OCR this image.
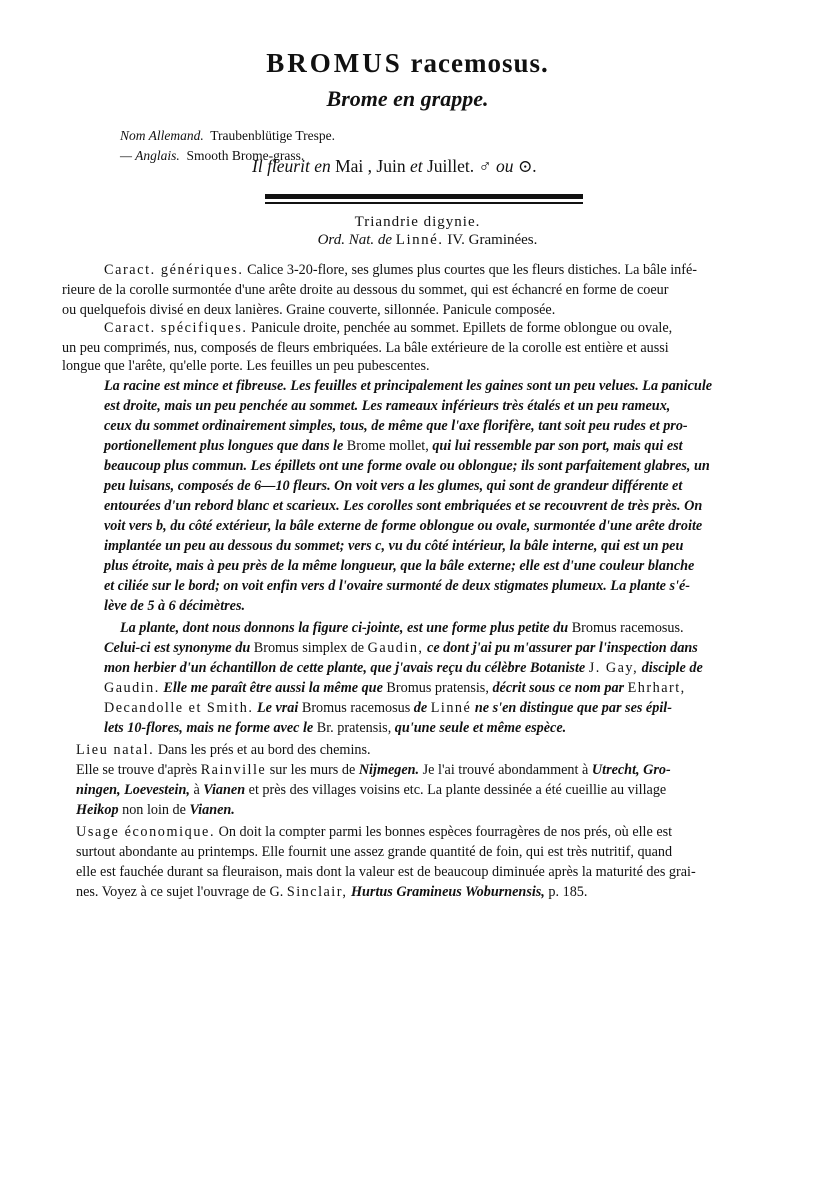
BROMUS racemosus.
Brome en grappe.
Nom Allemand. Traubenblütige Trespe.
— Anglais. Smooth Brome-grass.
Il fleurit en Mai , Juin et Juillet. ♂ ou ⊙.
Triandrie digynie.
Ord. Nat. de Linné. IV. Graminées.
Caract. génériques. Calice 3-20-flore, ses glumes plus courtes que les fleurs distiches. La bâle infé-
rieure de la corolle surmontée d'une arête droite au dessous du sommet, qui est échancré en forme de coeur
ou quelquefois divisé en deux lanières. Graine couverte, sillonnée. Panicule composée.
Caract. spécifiques. Panicule droite, penchée au sommet. Epillets de forme oblongue ou ovale,
un peu comprimés, nus, composés de fleurs embriquées. La bâle extérieure de la corolle est entière et aussi
longue que l'arête, qu'elle porte. Les feuilles un peu pubescentes.
La racine est mince et fibreuse. Les feuilles et principalement les gaines sont un peu velues. La panicule
est droite, mais un peu penchée au sommet. Les rameaux inférieurs très étalés et un peu rameux,
ceux du sommet ordinairement simples, tous, de même que l'axe florifère, tant soit peu rudes et pro-
portionellement plus longues que dans le Brome mollet, qui lui ressemble par son port, mais qui est
beaucoup plus commun. Les épillets ont une forme ovale ou oblongue; ils sont parfaitement glabres, un
peu luisans, composés de 6—10 fleurs. On voit vers a les glumes, qui sont de grandeur différente et
entourées d'un rebord blanc et scarieux. Les corolles sont embriquées et se recouvrent de très près. On
voit vers b, du côté extérieur, la bâle externe de forme oblongue ou ovale, surmontée d'une arête droite
implantée un peu au dessous du sommet; vers c, vu du côté intérieur, la bâle interne, qui est un peu
plus étroite, mais à peu près de la même longueur, que la bâle externe; elle est d'une couleur blanche
et ciliée sur le bord; on voit enfin vers d l'ovaire surmonté de deux stigmates plumeux. La plante s'é-
lève de 5 à 6 décimètres.
La plante, dont nous donnons la figure ci-jointe, est une forme plus petite du Bromus racemosus.
Celui-ci est synonyme du Bromus simplex de Gaudin, ce dont j'ai pu m'assurer par l'inspection dans
mon herbier d'un échantillon de cette plante, que j'avais reçu du célèbre Botaniste J. Gay, disciple de
Gaudin. Elle me paraît être aussi la même que Bromus pratensis, décrit sous ce nom par Ehrhart,
Decandolle et Smith. Le vrai Bromus racemosus de Linné ne s'en distingue que par ses épil-
lets 10-flores, mais ne forme avec le Br. pratensis, qu'une seule et même espèce.
Lieu natal. Dans les prés et au bord des chemins.
Elle se trouve d'après Rainville sur les murs de Nijmegen. Je l'ai trouvé abondamment à Utrecht, Gro-
ningen, Loevestein, à Vianen et près des villages voisins etc. La plante dessinée a été cueillie au village
Heikop non loin de Vianen.
Usage économique. On doit la compter parmi les bonnes espèces fourragères de nos prés, où elle est
surtout abondante au printemps. Elle fournit une assez grande quantité de foin, qui est très nutritif, quand
elle est fauchée durant sa fleuraison, mais dont la valeur est de beaucoup diminuée après la maturité des grai-
nes. Voyez à ce sujet l'ouvrage de G. Sinclair, Hurtus Gramineus Woburnensis, p. 185.
